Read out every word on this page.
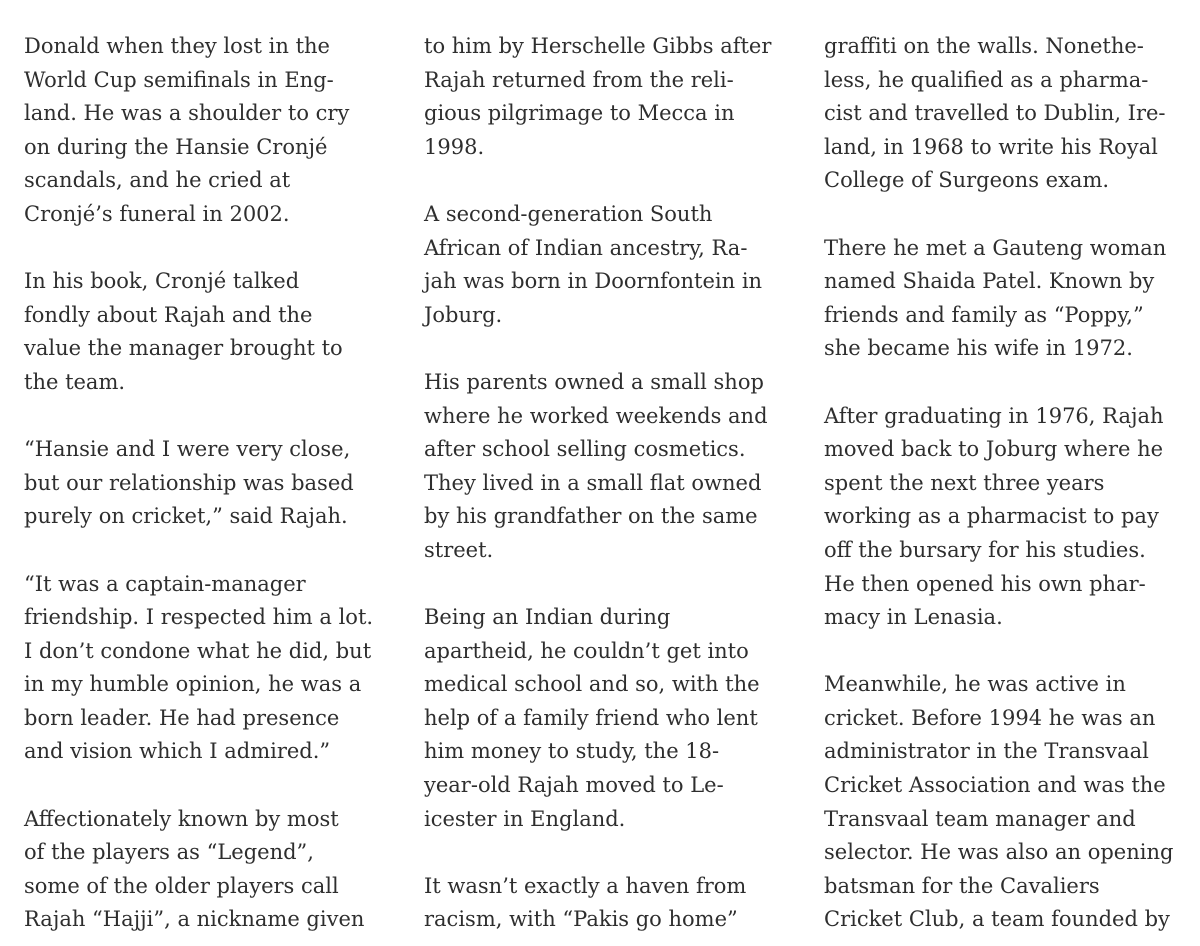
Donald when they lost in the
World Cup semifinals in Eng-
land. He was a shoulder to cry
on during the Hansie Cronjé
scandals, and he cried at
Cronjé’s funeral in 2002.

In his book, Cronjé talked
fondly about Rajah and the
value the manager brought to
the team.

“Hansie and I were very close,
but our relationship was based
purely on cricket,” said Rajah.

“It was a captain-manager
friendship. I respected him a lot.
I don’t condone what he did, but
in my humble opinion, he was a
born leader. He had presence
and vision which I admired.”

Affectionately known by most
of the players as “Legend”,
some of the older players call
Rajah “Hajji”, a nickname given

to him by Herschelle Gibbs after
Rajah returned from the reli-
gious pilgrimage to Mecca in
1998.

A second-generation South
African of Indian ancestry, Ra-
jah was born in Doornfontein in
Joburg.

His parents owned a small shop
where he worked weekends and
after school selling cosmetics.
They lived in a small flat owned
by his grandfather on the same
street.

Being an Indian during
apartheid, he couldn’t get into
medical school and so, with the
help of a family friend who lent
him money to study, the 18-
year-old Rajah moved to Le-
icester in England.

It wasn’t exactly a haven from
racism, with “Pakis go home”

graffiti on the walls. Nonethe-
less, he qualified as a pharma-
cist and travelled to Dublin, Ire-
land, in 1968 to write his Royal
College of Surgeons exam.

There he met a Gauteng woman
named Shaida Patel. Known by
friends and family as “Poppy,”
she became his wife in 1972.

After graduating in 1976, Rajah
moved back to Joburg where he
spent the next three years
working as a pharmacist to pay
off the bursary for his studies.
He then opened his own phar-
macy in Lenasia.

Meanwhile, he was active in
cricket. Before 1994 he was an
administrator in the Transvaal
Cricket Association and was the
Transvaal team manager and
selector. He was also an opening
batsman for the Cavaliers
Cricket Club, a team founded by
